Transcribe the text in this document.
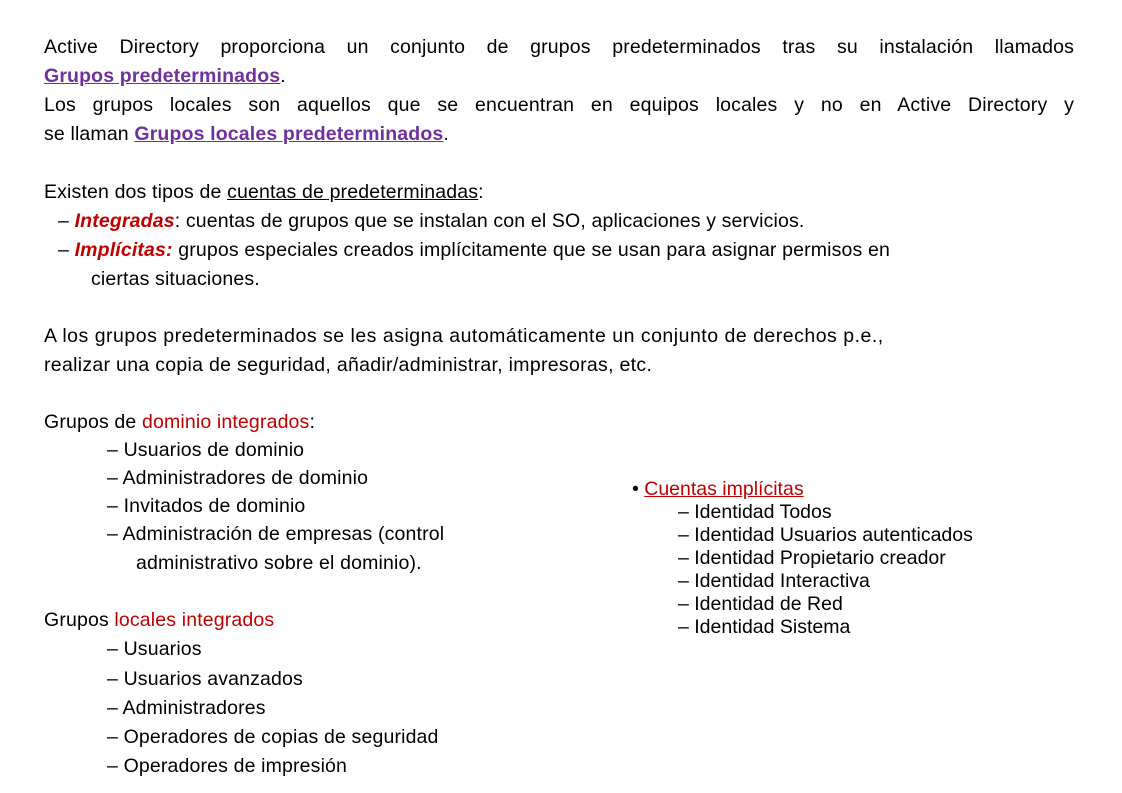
Active Directory proporciona un conjunto de grupos predeterminados tras su instalación llamados
Grupos predeterminados.
Los grupos locales son aquellos que se encuentran en equipos locales y no en Active Directory y
se llaman Grupos locales predeterminados.
Existen dos tipos de cuentas de predeterminadas:
– Integradas: cuentas de grupos que se instalan con el SO, aplicaciones y servicios.
– Implícitas: grupos especiales creados implícitamente que se usan para asignar permisos en
ciertas situaciones.
A los grupos predeterminados se les asigna automáticamente un conjunto de derechos p.e.,
realizar una copia de seguridad, añadir/administrar, impresoras, etc.
Grupos de dominio integrados:
– Usuarios de dominio
– Administradores de dominio
– Invitados de dominio
– Administración de empresas (control
administrativo sobre el dominio).
Grupos locales integrados
– Usuarios
– Usuarios avanzados
– Administradores
– Operadores de copias de seguridad
– Operadores de impresión
• Cuentas implícitas
– Identidad Todos
– Identidad Usuarios autenticados
– Identidad Propietario creador
– Identidad Interactiva
– Identidad de Red
– Identidad Sistema
